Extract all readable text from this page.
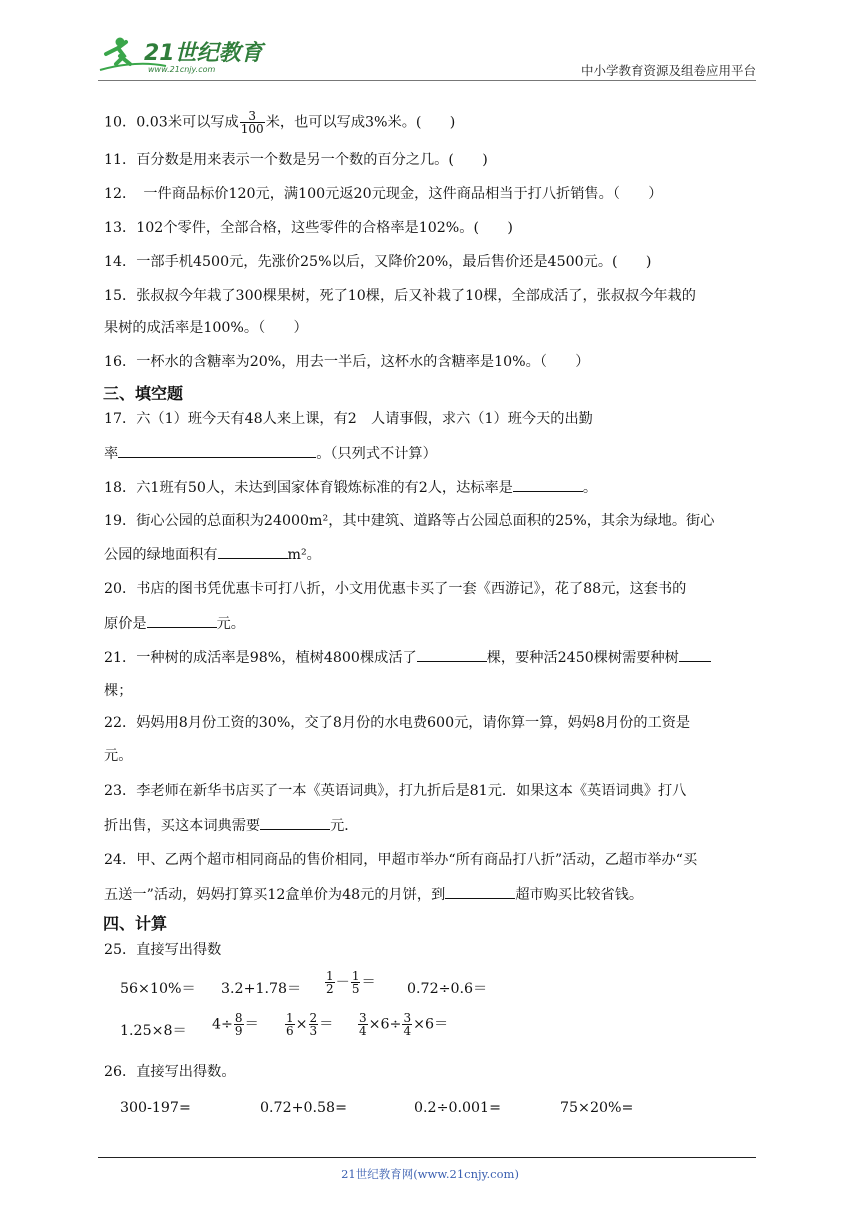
21世纪教育
www.21cnjy.com	中小学教育资源及组卷应用平台
10．0.03米可以写成 $\frac{3}{100}$ 米，也可以写成3%米。(　　)
11．百分数是用来表示一个数是另一个数的百分之几。(　　)
12．　一件商品标价120元，满100元返20元现金，这件商品相当于打八折销售。（　　）
13．102个零件，全部合格，这些零件的合格率是102%。(　　)
14．一部手机4500元，先涨价25%以后，又降价20%，最后售价还是4500元。(　　)
15．张叔叔今年栽了300棵果树，死了10棵，后又补栽了10棵，全部成活了，张叔叔今年栽的
果树的成活率是100%。（　　）
16．一杯水的含糖率为20%，用去一半后，这杯水的含糖率是10%。（　　）
三、填空题
17．六（1）班今天有48人来上课，有2　人请事假，求六（1）班今天的出勤
率	。（只列式不计算）
18．六1班有50人，未达到国家体育锻炼标准的有2人，达标率是	。
19．街心公园的总面积为24000m²，其中建筑、道路等占公园总面积的25%，其余为绿地。街心
公园的绿地面积有	m²。
20．书店的图书凭优惠卡可打八折，小文用优惠卡买了一套《西游记》，花了88元，这套书的
原价是	元。
21．一种树的成活率是98%，植树4800棵成活了	棵，要种活2450棵树需要种树
棵；
22．妈妈用8月份工资的30%，交了8月份的水电费600元，请你算一算，妈妈8月份的工资是
元。
23．李老师在新华书店买了一本《英语词典》，打九折后是81元．如果这本《英语词典》打八
折出售，买这本词典需要	元．
24．甲、乙两个超市相同商品的售价相同，甲超市举办“所有商品打八折”活动，乙超市举办“买
五送一”活动，妈妈打算买12盒单价为48元的月饼，到	超市购买比较省钱。
四、计算
25．直接写出得数
$56\times 10\%= 3.2+1.78= \frac{1}{2} - \frac{1}{5} = 0.72\div 0.6=$
$1.25\times 8= 4\div \frac{8}{9} = \frac{1}{6} \times \frac{2}{3} = \frac{3}{4} \times 6\div \frac{3}{4} \times 6=$
26．直接写出得数。
300-197=	0.72+0.58=	0.2÷0.001=	75×20%=
21世纪教育网(www.21cnjy.com)
